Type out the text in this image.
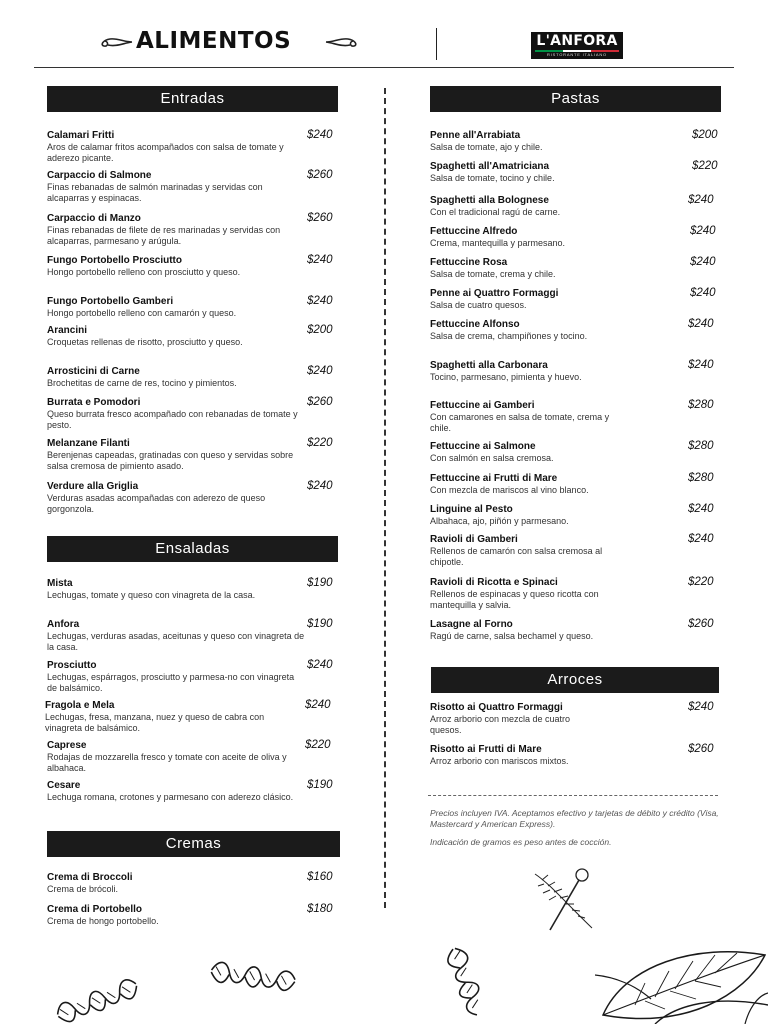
ALIMENTOS	L'ANFORA
RISTORANTE ITALIANO
Entradas
Calamari Fritti
Aros de calamar fritos acompañados con salsa de tomate y aderezo picante.
$240
Carpaccio di Salmone
Finas rebanadas de salmón marinadas y servidas con alcaparras y espinacas.
$260
Carpaccio di Manzo
Finas rebanadas de filete de res marinadas y servidas con alcaparras, parmesano y arúgula.
$260
Fungo Portobello Prosciutto
Hongo portobello relleno con prosciutto y queso.
$240
Fungo Portobello Gamberi
Hongo portobello relleno con camarón y queso.
$240
Arancini
Croquetas rellenas de risotto, prosciutto y queso.
$200
Arrosticini di Carne
Brochetitas de carne de res, tocino y pimientos.
$240
Burrata e Pomodori
Queso burrata fresco acompañado con rebanadas de tomate y pesto.
$260
Melanzane Filanti
Berenjenas capeadas, gratinadas con queso y servidas sobre salsa cremosa de pimiento asado.
$220
Verdure alla Griglia
Verduras asadas acompañadas con aderezo de queso gorgonzola.
$240
Ensaladas
Mista
Lechugas, tomate y queso con vinagreta de la casa.
$190
Anfora
Lechugas, verduras asadas, aceitunas y queso con vinagreta de la casa.
$190
Prosciutto
Lechugas, espárragos, prosciutto y parmesa-no con vinagreta de balsámico.
$240
Fragola e Mela
Lechugas, fresa, manzana, nuez y queso de cabra con vinagreta de balsámico.
$240
Caprese
Rodajas de mozzarella fresco y tomate con aceite de oliva y albahaca.
$220
Cesare
Lechuga romana, crotones y parmesano con aderezo clásico.
$190
Cremas
Crema di Broccoli
Crema de brócoli.
$160
Crema di Portobello
Crema de hongo portobello.
$180
Pastas
Penne all'Arrabiata
Salsa de tomate, ajo y chile.
$200
Spaghetti all'Amatriciana
Salsa de tomate, tocino y chile.
$220
Spaghetti alla Bolognese
Con el tradicional ragú de carne.
$240
Fettuccine Alfredo
Crema, mantequilla y parmesano.
$240
Fettuccine Rosa
Salsa de tomate, crema y chile.
$240
Penne ai Quattro Formaggi
Salsa de cuatro quesos.
$240
Fettuccine Alfonso
Salsa de crema, champiñones y tocino.
$240
Spaghetti alla Carbonara
Tocino, parmesano, pimienta y huevo.
$240
Fettuccine ai Gamberi
Con camarones en salsa de tomate, crema y chile.
$280
Fettuccine ai Salmone
Con salmón en salsa cremosa.
$280
Fettuccine ai Frutti di Mare
Con mezcla de mariscos al vino blanco.
$280
Linguine al Pesto
Albahaca, ajo, piñón y parmesano.
$240
Ravioli di Gamberi
Rellenos de camarón con salsa cremosa al chipotle.
$240
Ravioli di Ricotta e Spinaci
Rellenos de espinacas y queso ricotta con mantequilla y salvia.
$220
Lasagne al Forno
Ragú de carne, salsa bechamel y queso.
$260
Arroces
Risotto ai Quattro Formaggi
Arroz arborio con mezcla de cuatro quesos.
$240
Risotto ai Frutti di Mare
Arroz arborio con mariscos mixtos.
$260
Precios incluyen IVA. Aceptamos efectivo y tarjetas de débito y crédito (Visa, Mastercard y American Express).
Indicación de gramos es peso antes de cocción.
